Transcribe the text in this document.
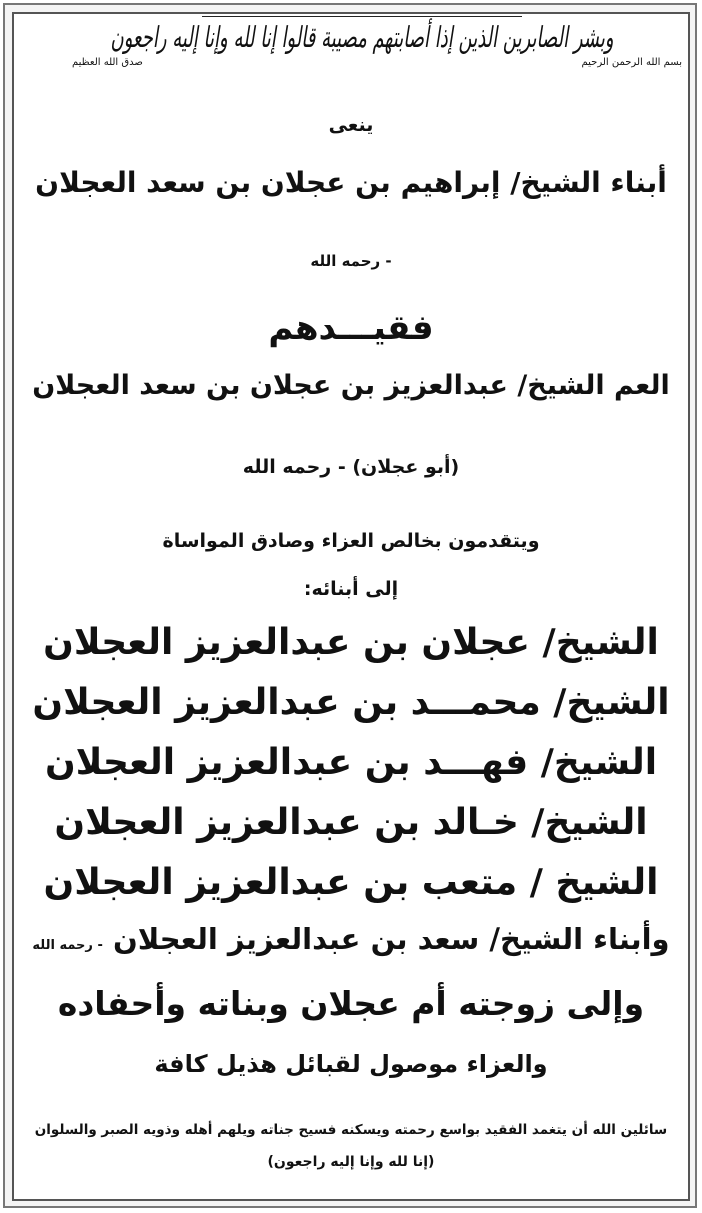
وبشر الصابرين الذين إذا أصابتهم مصيبة قالوا إنا لله وإنا إليه راجعون
بسم الله الرحمن الرحيم
صدق الله العظيم
ينعى
أبناء الشيخ/ إبراهيم بن عجلان بن سعد العجلان
- رحمه الله
فقيـــدهم
العم الشيخ/ عبدالعزيز بن عجلان بن سعد العجلان
(أبو عجلان) - رحمه الله
ويتقدمون بخالص العزاء وصادق المواساة
إلى أبنائه:
الشيخ/ عجلان بن عبدالعزيز العجلان
الشيخ/ محمـــد بن عبدالعزيز العجلان
الشيخ/ فهـــد بن عبدالعزيز العجلان
الشيخ/ خـالد بن عبدالعزيز العجلان
الشيخ / متعب بن عبدالعزيز العجلان
وأبناء الشيخ/ سعد بن عبدالعزيز العجلان - رحمه الله
وإلى زوجته أم عجلان وبناته وأحفاده
والعزاء موصول لقبائل هذيل كافة
سائلين الله أن يتغمد الفقيد بواسع رحمته ويسكنه فسيح جناته ويلهم أهله وذويه الصبر والسلوان
(إنا لله وإنا إليه راجعون)
